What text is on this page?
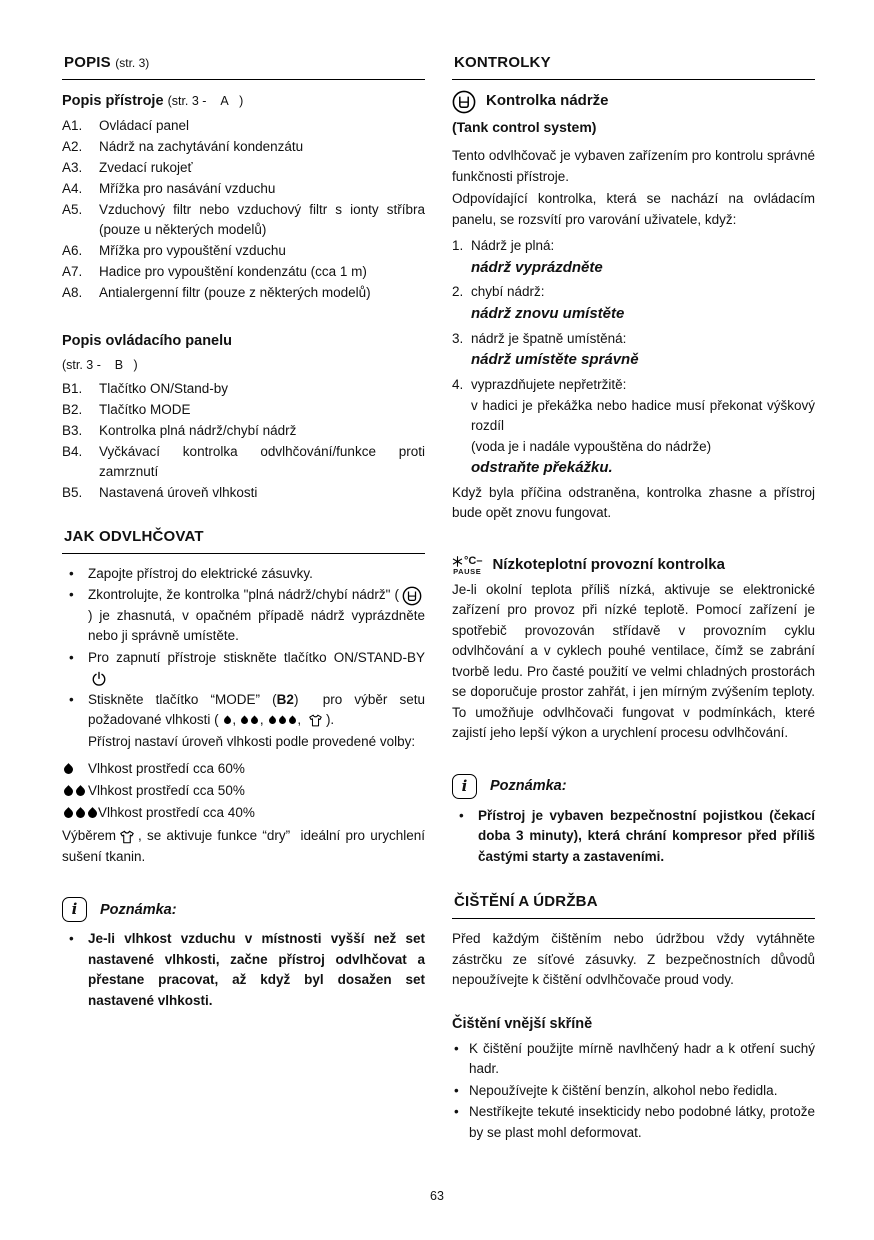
POPIS (str. 3)
Popis přístroje (str. 3 -    A   )
A1.	Ovládací panel
A2.	Nádrž na zachytávání kondenzátu
A3.	Zvedací rukojeť
A4.	Mřížka pro nasávání vzduchu
A5.	Vzduchový filtr nebo vzduchový filtr s ionty stříbra (pouze u některých modelů)
A6.	Mřížka pro vypouštění vzduchu
A7.	Hadice pro vypouštění kondenzátu (cca 1 m)
A8.	Antialergenní filtr (pouze z některých modelů)
Popis ovládacího panelu
(str. 3 -    B   )
B1.	Tlačítko ON/Stand-by
B2.	Tlačítko MODE
B3.	Kontrolka plná nádrž/chybí nádrž
B4.	Vyčkávací kontrolka odvlhčování/funkce proti zamrznutí
B5.	Nastavená úroveň vlhkosti
JAK ODVLHČOVAT
•	Zapojte přístroj do elektrické zásuvky.
•	Zkontrolujte, že kontrolka "plná nádrž/chybí nádrž" (
) je zhasnutá, v opačném případě nádrž vyprázdněte nebo ji správně umístěte.
•	Pro zapnutí přístroje stiskněte tlačítko ON/STAND-BY
•	Stiskněte tlačítko “MODE” (B2)  pro výběr setu požadované vlhkosti ( , ,	, ).
Přístroj nastaví úroveň vlhkosti podle provedené volby:
Vlhkost prostředí cca 60%
Vlhkost prostředí cca 50%
Vlhkost prostředí cca 40%

Výběrem , se aktivuje funkce “dry”  ideální pro urychlení sušení tkanin.

i Poznámka:
•	Je-li vlhkost vzduchu v místnosti vyšší než set nastavené vlhkosti, začne přístroj odvlhčovat a přestane pracovat, až když byl dosažen set nastavené vlhkosti.
KONTROLKY
Kontrolka nádrže
(Tank control system)

Tento odvlhčovač je vybaven zařízením pro kontrolu správné funkčnosti přístroje.

Odpovídající kontrolka, která se nachází na ovládacím panelu, se rozsvítí pro varování uživatele, když:

1. Nádrž je plná:
nádrž vyprázdněte
2. chybí nádrž:
nádrž znovu umístěte
3. nádrž je špatně umístěná:
nádrž umístěte správně
4. vyprazdňujete nepřetržitě:
v hadici je překážka nebo hadice musí překonat výškový rozdíl
(voda je i nadále vypouštěna do nádrže)
odstraňte překážku.

Když byla příčina odstraněna, kontrolka zhasne a přístroj bude opět znovu fungovat.

°C–
PAUSE Nízkoteplotní provozní kontrolka

Je-li okolní teplota příliš nízká, aktivuje se elektronické zařízení pro provoz při nízké teplotě. Pomocí zařízení je spotřebič provozován střídavě v provozním cyklu odvlhčování a v cyklech pouhé ventilace, čímž se zabrání tvorbě ledu. Pro časté použití ve velmi chladných prostorách se doporučuje prostor zahřát, i jen mírným zvýšením teploty. To umožňuje odvlhčovači fungovat v podmínkách, které zajistí jeho lepší výkon a urychlení procesu odvlhčování.

i Poznámka:
•	Přístroj je vybaven bezpečnostní pojistkou (čekací doba 3 minuty), která chrání kompresor před příliš častými starty a zastaveními.
ČIŠTĚNÍ A ÚDRŽBA

Před každým čištěním nebo údržbou vždy vytáhněte zástrčku ze síťové zásuvky. Z bezpečnostních důvodů nepoužívejte k čištění odvlhčovače proud vody.

Čištění vnější skříně
• K čištění použijte mírně navlhčený hadr a k otření suchý hadr.
• Nepoužívejte k čištění benzín, alkohol nebo ředidla.
• Nestříkejte tekuté insekticidy nebo podobné látky, protože by se plast mohl deformovat.
63
